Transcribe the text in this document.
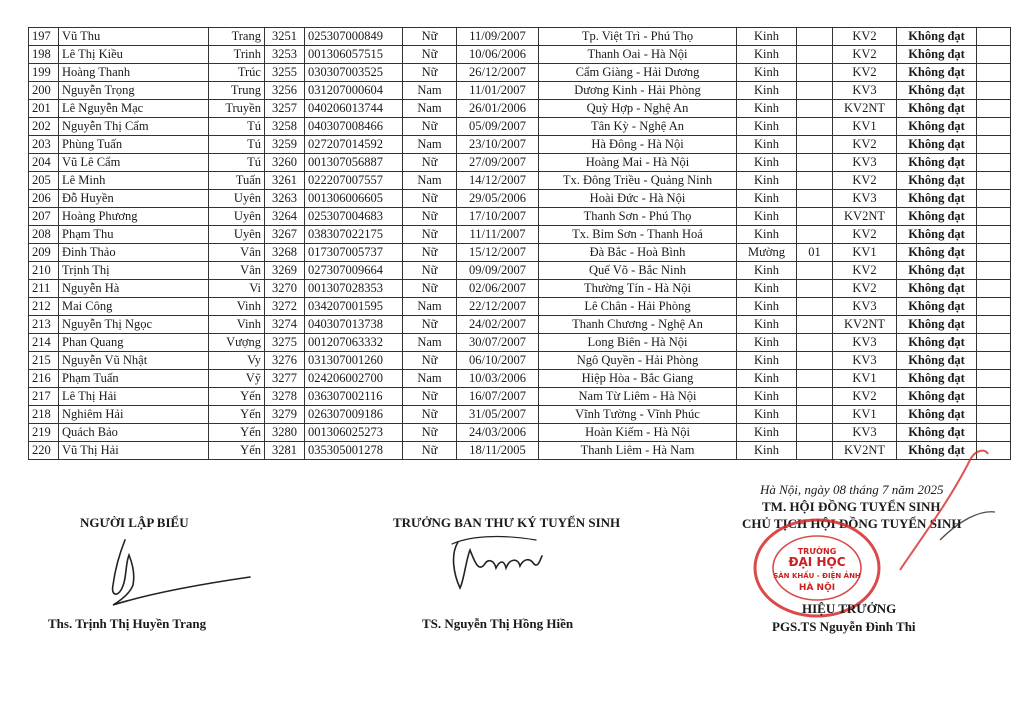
197	Vũ Thu	Trang	3251	025307000849	Nữ	11/09/2007	Tp. Việt Trì - Phú Thọ	Kinh		KV2	Không đạt	
198	Lê Thị Kiều	Trinh	3253	001306057515	Nữ	10/06/2006	Thanh Oai - Hà Nội	Kinh		KV2	Không đạt	
199	Hoàng Thanh	Trúc	3255	030307003525	Nữ	26/12/2007	Cẩm Giàng - Hải Dương	Kinh		KV2	Không đạt	
200	Nguyễn Trọng	Trung	3256	031207000604	Nam	11/01/2007	Dương Kinh - Hải Phòng	Kinh		KV3	Không đạt	
201	Lê Nguyễn Mạc	Truyền	3257	040206013744	Nam	26/01/2006	Quỳ Hợp - Nghệ An	Kinh		KV2NT	Không đạt	
202	Nguyễn Thị Cẩm	Tú	3258	040307008466	Nữ	05/09/2007	Tân Kỳ - Nghệ An	Kinh		KV1	Không đạt	
203	Phùng Tuấn	Tú	3259	027207014592	Nam	23/10/2007	Hà Đông - Hà Nội	Kinh		KV2	Không đạt	
204	Vũ Lê Cẩm	Tú	3260	001307056887	Nữ	27/09/2007	Hoàng Mai - Hà Nội	Kinh		KV3	Không đạt	
205	Lê Minh	Tuấn	3261	022207007557	Nam	14/12/2007	Tx. Đông Triều - Quảng Ninh	Kinh		KV2	Không đạt	
206	Đỗ Huyền	Uyên	3263	001306006605	Nữ	29/05/2006	Hoài Đức - Hà Nội	Kinh		KV3	Không đạt	
207	Hoàng Phương	Uyên	3264	025307004683	Nữ	17/10/2007	Thanh Sơn - Phú Thọ	Kinh		KV2NT	Không đạt	
208	Phạm Thu	Uyên	3267	038307022175	Nữ	11/11/2007	Tx. Bỉm Sơn - Thanh Hoá	Kinh		KV2	Không đạt	
209	Đinh Thảo	Vân	3268	017307005737	Nữ	15/12/2007	Đà Bắc - Hoà Bình	Mường	01	KV1	Không đạt	
210	Trịnh Thị	Vân	3269	027307009664	Nữ	09/09/2007	Quế Võ - Bắc Ninh	Kinh		KV2	Không đạt	
211	Nguyễn Hà	Vi	3270	001307028353	Nữ	02/06/2007	Thường Tín - Hà Nội	Kinh		KV2	Không đạt	
212	Mai Công	Vinh	3272	034207001595	Nam	22/12/2007	Lê Chân - Hải Phòng	Kinh		KV3	Không đạt	
213	Nguyễn Thị Ngọc	Vinh	3274	040307013738	Nữ	24/02/2007	Thanh Chương - Nghệ An	Kinh		KV2NT	Không đạt	
214	Phan Quang	Vượng	3275	001207063332	Nam	30/07/2007	Long Biên - Hà Nội	Kinh		KV3	Không đạt	
215	Nguyễn Vũ Nhật	Vy	3276	031307001260	Nữ	06/10/2007	Ngô Quyền - Hải Phòng	Kinh		KV3	Không đạt	
216	Phạm Tuấn	Vỹ	3277	024206002700	Nam	10/03/2006	Hiệp Hòa - Bắc Giang	Kinh		KV1	Không đạt	
217	Lê Thị Hải	Yến	3278	036307002116	Nữ	16/07/2007	Nam Từ Liêm - Hà Nội	Kinh		KV2	Không đạt	
218	Nghiêm Hải	Yến	3279	026307009186	Nữ	31/05/2007	Vĩnh Tường - Vĩnh Phúc	Kinh		KV1	Không đạt	
219	Quách Bảo	Yến	3280	001306025273	Nữ	24/03/2006	Hoàn Kiếm - Hà Nội	Kinh		KV3	Không đạt	
220	Vũ Thị Hải	Yến	3281	035305001278	Nữ	18/11/2005	Thanh Liêm - Hà Nam	Kinh		KV2NT	Không đạt	
NGƯỜI LẬP BIỂU
Ths. Trịnh Thị Huyền Trang
TRƯỞNG BAN THƯ KÝ TUYỂN SINH
TS. Nguyễn Thị Hồng Hiền
Hà Nội, ngày 08 tháng 7 năm 2025
TM. HỘI ĐỒNG TUYỂN SINH
CHỦ TỊCH HỘI ĐỒNG TUYỂN SINH
TRƯỜNG
ĐẠI HỌC
SÂN KHẤU - ĐIỆN ẢNH
HÀ NỘI
HIỆU TRƯỞNG
PGS.TS Nguyễn Đình Thi
